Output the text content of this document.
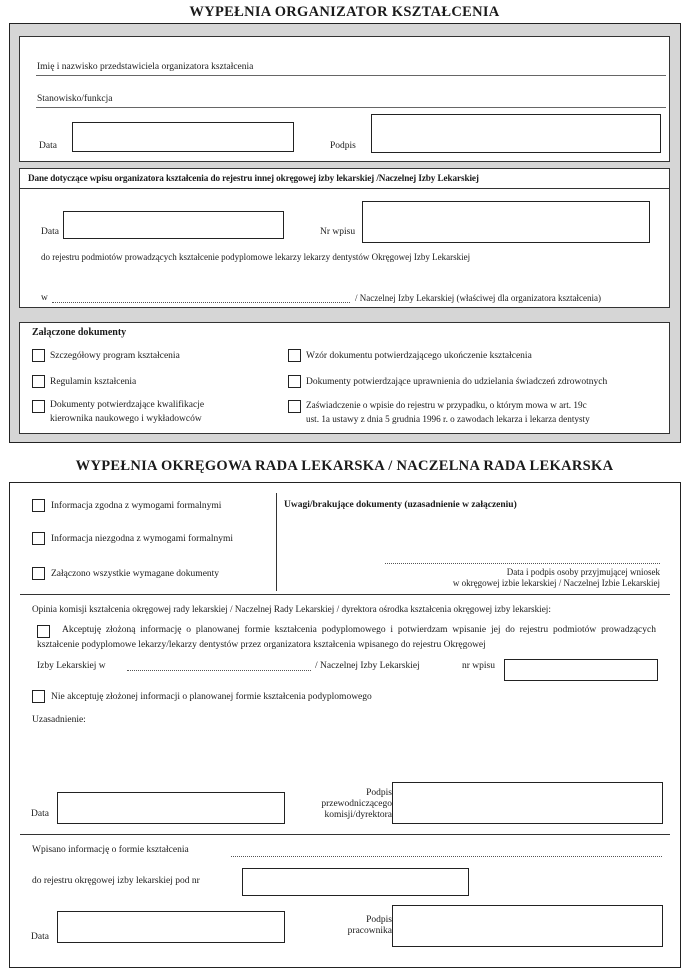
WYPEŁNIA ORGANIZATOR KSZTAŁCENIA
Imię i nazwisko przedstawiciela organizatora kształcenia
Stanowisko/funkcja
Data	Podpis
Dane dotyczące wpisu organizatora kształcenia do rejestru innej okręgowej izby lekarskiej /Naczelnej Izby Lekarskiej
Data	Nr wpisu
do rejestru podmiotów prowadzących kształcenie podyplomowe lekarzy lekarzy dentystów Okręgowej Izby Lekarskiej
w	/ Naczelnej Izby Lekarskiej (właściwej dla organizatora kształcenia)
Załączone dokumenty
Szczegółowy program kształcenia	Wzór dokumentu potwierdzającego ukończenie kształcenia
Regulamin kształcenia	Dokumenty potwierdzające uprawnienia do udzielania świadczeń zdrowotnych
Dokumenty potwierdzające kwalifikacje
kierownika naukowego i wykładowców
Zaświadczenie o wpisie do rejestru w przypadku, o którym mowa w art. 19c
ust. 1a ustawy z dnia 5 grudnia 1996 r. o zawodach lekarza i lekarza dentysty
WYPEŁNIA OKRĘGOWA RADA LEKARSKA / NACZELNA RADA LEKARSKA
Informacja zgodna z wymogami formalnymi
Informacja niezgodna z wymogami formalnymi
Załączono wszystkie wymagane dokumenty
Uwagi/brakujące dokumenty (uzasadnienie w załączeniu)
Data i podpis osoby przyjmującej wniosek
w okręgowej izbie lekarskiej / Naczelnej Izbie Lekarskiej
Opinia komisji kształcenia okręgowej rady lekarskiej / Naczelnej Rady Lekarskiej / dyrektora ośrodka kształcenia okręgowej izby lekarskiej:
Akceptuję złożoną informację o planowanej formie kształcenia podyplomowego i potwierdzam wpisanie jej do rejestru podmiotów prowadzących kształcenie podyplomowe lekarzy/lekarzy dentystów przez organizatora kształcenia wpisanego do rejestru Okręgowej
Izby Lekarskiej w	/ Naczelnej Izby Lekarskiej	nr wpisu
Nie akceptuję złożonej informacji o planowanej formie kształcenia podyplomowego
Uzasadnienie:
Data
Podpis
przewodniczącego
komisji/dyrektora
Wpisano informację o formie kształcenia
do rejestru okręgowej izby lekarskiej pod nr
Data
Podpis
pracownika
